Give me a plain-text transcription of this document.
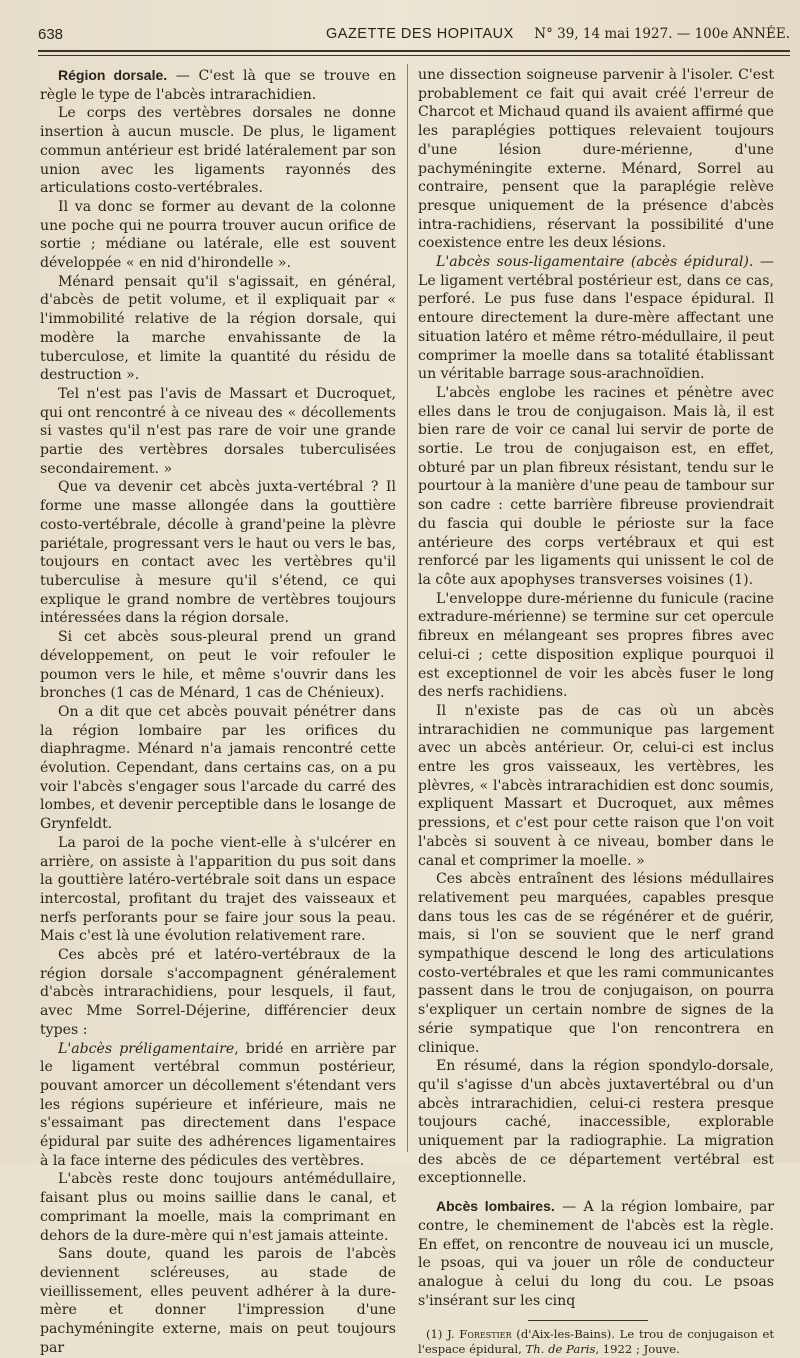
638	GAZETTE DES HOPITAUX N° 39, 14 mai 1927. — 100e ANNÉE.

Région dorsale. — C'est là que se trouve en règle le type de l'abcès intrarachidien.

Le corps des vertèbres dorsales ne donne insertion à aucun muscle. De plus, le ligament commun antérieur est bridé latéralement par son union avec les ligaments rayonnés des articulations costo-vertébrales.

Il va donc se former au devant de la colonne une poche qui ne pourra trouver aucun orifice de sortie ; médiane ou latérale, elle est souvent développée « en nid d'hirondelle ».

Ménard pensait qu'il s'agissait, en général, d'abcès de petit volume, et il expliquait par « l'immobilité relative de la région dorsale, qui modère la marche envahissante de la tuberculose, et limite la quantité du résidu de destruction ».

Tel n'est pas l'avis de Massart et Ducroquet, qui ont rencontré à ce niveau des « décollements si vastes qu'il n'est pas rare de voir une grande partie des vertèbres dorsales tuberculisées secondairement. »

Que va devenir cet abcès juxta-vertébral ? Il forme une masse allongée dans la gouttière costo-vertébrale, décolle à grand'peine la plèvre pariétale, progressant vers le haut ou vers le bas, toujours en contact avec les vertèbres qu'il tuberculise à mesure qu'il s'étend, ce qui explique le grand nombre de vertèbres toujours intéressées dans la région dorsale.

Si cet abcès sous-pleural prend un grand développement, on peut le voir refouler le poumon vers le hile, et même s'ouvrir dans les bronches (1 cas de Ménard, 1 cas de Chénieux).

On a dit que cet abcès pouvait pénétrer dans la région lombaire par les orifices du diaphragme. Ménard n'a jamais rencontré cette évolution. Cependant, dans certains cas, on a pu voir l'abcès s'engager sous l'arcade du carré des lombes, et devenir perceptible dans le losange de Grynfeldt.

La paroi de la poche vient-elle à s'ulcérer en arrière, on assiste à l'apparition du pus soit dans la gouttière latéro-vertébrale soit dans un espace intercostal, profitant du trajet des vaisseaux et nerfs perforants pour se faire jour sous la peau. Mais c'est là une évolution relativement rare.

Ces abcès pré et latéro-vertébraux de la région dorsale s'accompagnent généralement d'abcès intrarachidiens, pour lesquels, il faut, avec Mme Sorrel-Déjerine, différencier deux types :

L'abcès préligamentaire, bridé en arrière par le ligament vertébral commun postérieur, pouvant amorcer un décollement s'étendant vers les régions supérieure et inférieure, mais ne s'essaimant pas directement dans l'espace épidural par suite des adhérences ligamentaires à la face interne des pédicules des vertèbres.

L'abcès reste donc toujours antémédullaire, faisant plus ou moins saillie dans le canal, et comprimant la moelle, mais la comprimant en dehors de la dure-mère qui n'est jamais atteinte.

Sans doute, quand les parois de l'abcès deviennent scléreuses, au stade de vieillissement, elles peuvent adhérer à la dure-mère et donner l'impression d'une pachyméningite externe, mais on peut toujours par

une dissection soigneuse parvenir à l'isoler. C'est probablement ce fait qui avait créé l'erreur de Charcot et Michaud quand ils avaient affirmé que les paraplégies pottiques relevaient toujours d'une lésion dure-mérienne, d'une pachyméningite externe. Ménard, Sorrel au contraire, pensent que la paraplégie relève presque uniquement de la présence d'abcès intra-rachidiens, réservant la possibilité d'une coexistence entre les deux lésions.

L'abcès sous-ligamentaire (abcès épidural). — Le ligament vertébral postérieur est, dans ce cas, perforé. Le pus fuse dans l'espace épidural. Il entoure directement la dure-mère affectant une situation latéro et même rétro-médullaire, il peut comprimer la moelle dans sa totalité établissant un véritable barrage sous-arachnoïdien.

L'abcès englobe les racines et pénètre avec elles dans le trou de conjugaison. Mais là, il est bien rare de voir ce canal lui servir de porte de sortie. Le trou de conjugaison est, en effet, obturé par un plan fibreux résistant, tendu sur le pourtour à la manière d'une peau de tambour sur son cadre : cette barrière fibreuse proviendrait du fascia qui double le périoste sur la face antérieure des corps vertébraux et qui est renforcé par les ligaments qui unissent le col de la côte aux apophyses transverses voisines (1).

L'enveloppe dure-mérienne du funicule (racine extradure-mérienne) se termine sur cet opercule fibreux en mélangeant ses propres fibres avec celui-ci ; cette disposition explique pourquoi il est exceptionnel de voir les abcès fuser le long des nerfs rachidiens.

Il n'existe pas de cas où un abcès intrarachidien ne communique pas largement avec un abcès antérieur. Or, celui-ci est inclus entre les gros vaisseaux, les vertèbres, les plèvres, « l'abcès intrarachidien est donc soumis, expliquent Massart et Ducroquet, aux mêmes pressions, et c'est pour cette raison que l'on voit l'abcès si souvent à ce niveau, bomber dans le canal et comprimer la moelle. »

Ces abcès entraînent des lésions médullaires relativement peu marquées, capables presque dans tous les cas de se régénérer et de guérir, mais, si l'on se souvient que le nerf grand sympathique descend le long des articulations costo-vertébrales et que les rami communicantes passent dans le trou de conjugaison, on pourra s'expliquer un certain nombre de signes de la série sympatique que l'on rencontrera en clinique.

En résumé, dans la région spondylo-dorsale, qu'il s'agisse d'un abcès juxtavertébral ou d'un abcès intrarachidien, celui-ci restera presque toujours caché, inaccessible, explorable uniquement par la radiographie. La migration des abcès de ce département vertébral est exceptionnelle.

Abcès lombaires. — A la région lombaire, par contre, le cheminement de l'abcès est la règle. En effet, on rencontre de nouveau ici un muscle, le psoas, qui va jouer un rôle de conducteur analogue à celui du long du cou. Le psoas s'insérant sur les cinq

(1) J. Forestier (d'Aix-les-Bains). Le trou de conjugaison et l'espace épidural, Th. de Paris, 1922 ; Jouve.
